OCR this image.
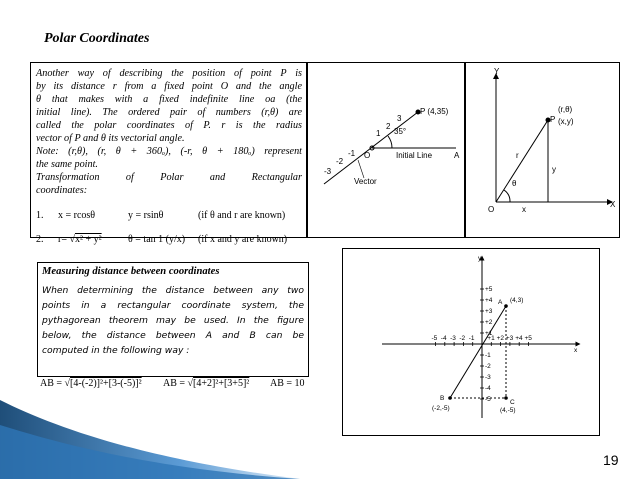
Polar Coordinates

Another way of describing the position of point P is

by its distance r from a fixed point O and the angle

θ that makes with a fixed indefinite line oa (the

initial line). The ordered pair of numbers (r,θ) are

called the polar coordinates of P. r is the radius

vector of P and θ its vectorial angle.

Note: (r,θ), (r, θ + 360ₒ), (-r, θ + 180ₒ) represent

the same point.

Transformation of Polar and Rectangular

coordinates:

1. x = rcosθ	y = rsinθ	(if θ and r are known)
2. r= √x² + y²	θ = tan 1 (y/x) (if x and y are known)
P (4,35)
35°
O	Initial Line	A
Vector
1
2
3
-1
-2
-3
Y
X
O
(r,θ)
P (x,y)
r
θ
x
y
Measuring distance between coordinates

When determining the distance between any two

points in a rectangular coordinate system, the

pythagorean theorem may be used. In the figure

below, the distance between A and B can be

computed in the following way :

AB = √[4-(-2)]²+[3-(-5)]² AB = √[4+2]²+[3+5]² AB = 10
y
x
A (4,3)
B
(-2,-5)
C
(4,-5)
-5 -4 -3 -2 -1 +1 +2 +3 +4 +5
+5
+4
+3
+2
+1
-1
-2
-3
-4
-5
19
